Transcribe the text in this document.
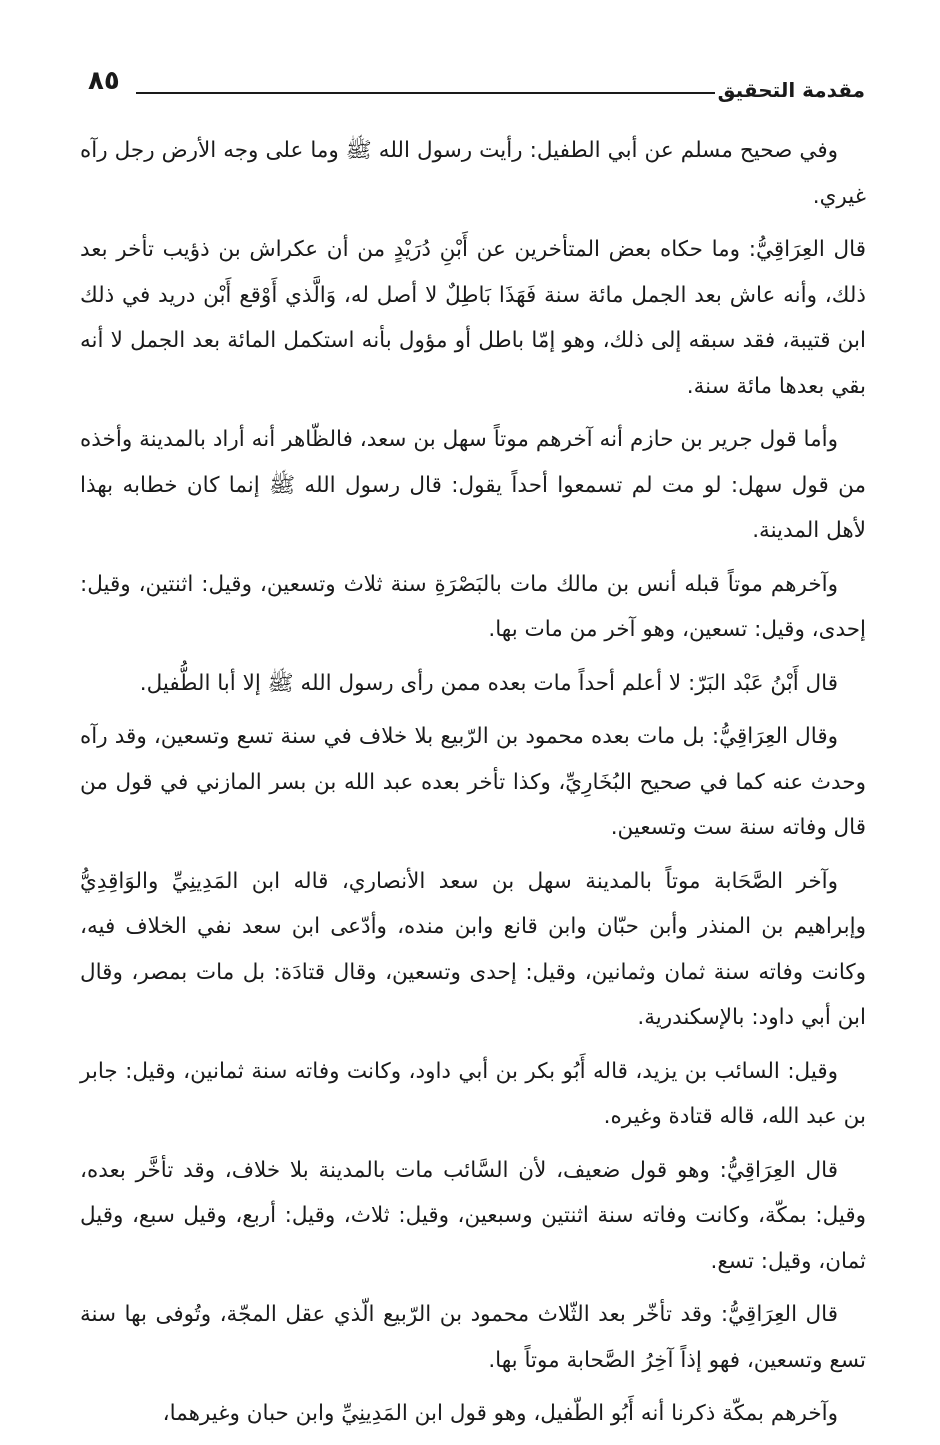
٨٥	مقدمة التحقيق

وفي صحيح مسلم عن أبي الطفيل: رأيت رسول الله ﷺ وما على وجه الأرض رجل رآه غيري.

قال العِرَاقِيُّ: وما حكاه بعض المتأخرين عن أَبْنِ دُرَيْدٍ من أن عكراش بن ذؤيب تأخر بعد ذلك، وأنه عاش بعد الجمل مائة سنة فَهَذَا بَاطِلٌ لا أصل له، وَالَّذي أَوْقع أَبْن دريد في ذلك ابن قتيبة، فقد سبقه إلى ذلك، وهو إمّا باطل أو مؤول بأنه استكمل المائة بعد الجمل لا أنه بقي بعدها مائة سنة.

وأما قول جرير بن حازم أنه آخرهم موتاً سهل بن سعد، فالظّاهر أنه أراد بالمدينة وأخذه من قول سهل: لو مت لم تسمعوا أحداً يقول: قال رسول الله ﷺ إنما كان خطابه بهذا لأهل المدينة.

وآخرهم موتاً قبله أنس بن مالك مات بالبَصْرَةِ سنة ثلاث وتسعين، وقيل: اثنتين، وقيل: إحدى، وقيل: تسعين، وهو آخر من مات بها.

قال أَبْنُ عَبْد البَرّ: لا أعلم أحداً مات بعده ممن رأى رسول الله ﷺ إلا أبا الطُّفيل.

وقال العِرَاقِيُّ: بل مات بعده محمود بن الرّبيع بلا خلاف في سنة تسع وتسعين، وقد رآه وحدث عنه كما في صحيح البُخَارِيِّ، وكذا تأخر بعده عبد الله بن بسر المازني في قول من قال وفاته سنة ست وتسعين.

وآخر الصَّحَابة موتاً بالمدينة سهل بن سعد الأنصاري، قاله ابن المَدِينِيِّ والوَاقِدِيُّ وإبراهيم بن المنذر وأبن حبّان وابن قانع وابن منده، وأدّعى ابن سعد نفي الخلاف فيه، وكانت وفاته سنة ثمان وثمانين، وقيل: إحدى وتسعين، وقال قتادَة: بل مات بمصر، وقال ابن أبي داود: بالإسكندرية.

وقيل: السائب بن يزيد، قاله أَبُو بكر بن أبي داود، وكانت وفاته سنة ثمانين، وقيل: جابر بن عبد الله، قاله قتادة وغيره.

قال العِرَاقِيُّ: وهو قول ضعيف، لأن السَّائب مات بالمدينة بلا خلاف، وقد تأخَّر بعده، وقيل: بمكّة، وكانت وفاته سنة اثنتين وسبعين، وقيل: ثلاث، وقيل: أربع، وقيل سبع، وقيل ثمان، وقيل: تسع.

قال العِرَاقِيُّ: وقد تأخّر بعد الثّلاث محمود بن الرّبيع الّذي عقل المجّة، وتُوفى بها سنة تسع وتسعين، فهو إذاً آخِرُ الصَّحابة موتاً بها.

وآخرهم بمكّة ذكرنا أنه أَبُو الطّفيل، وهو قول ابن المَدِينِيِّ وابن حبان وغيرهما،
